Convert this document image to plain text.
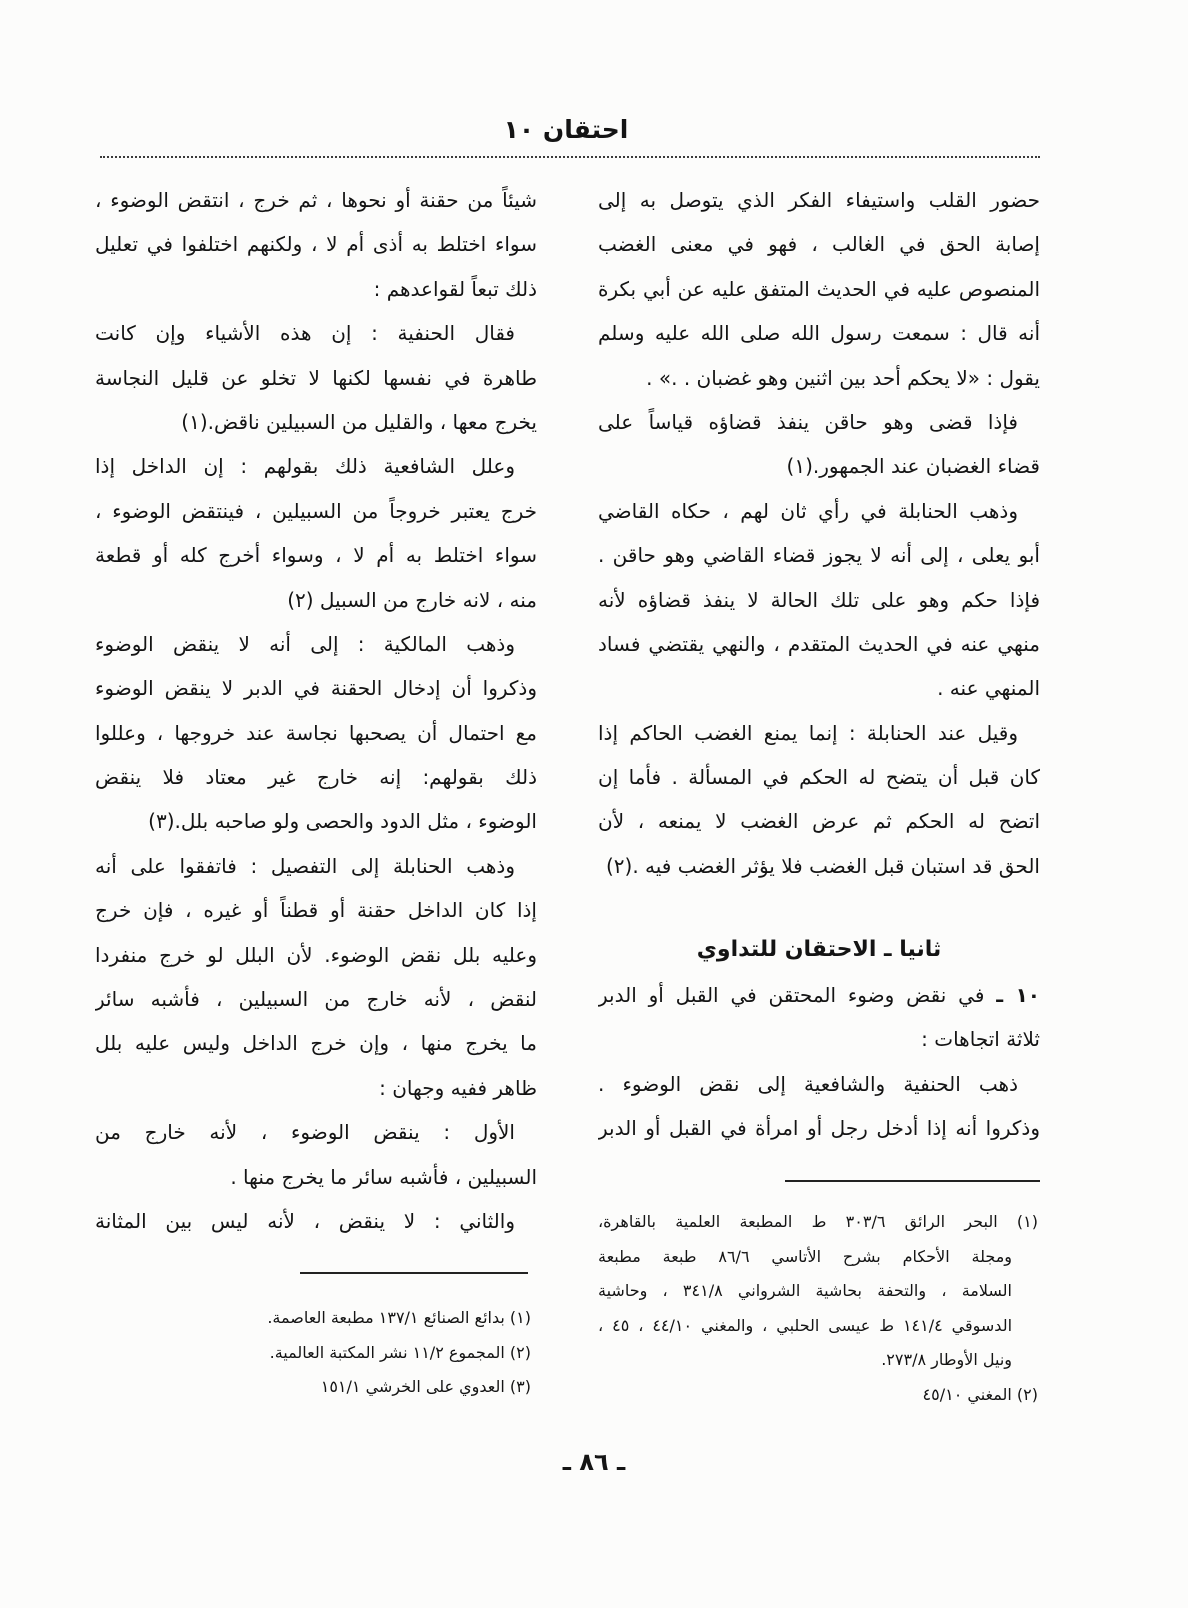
احتقان ١٠
حضور القلب واستيفاء الفكر الذي يتوصل به إلى
إصابة الحق في الغالب ، فهو في معنى الغضب
المنصوص عليه في الحديث المتفق عليه عن أبي بكرة
أنه قال : سمعت رسول الله صلى الله عليه وسلم
يقول : «لا يحكم أحد بين اثنين وهو غضبان . .» .
فإذا قضى وهو حاقن ينفذ قضاؤه قياساً على
قضاء الغضبان عند الجمهور.(١)
وذهب الحنابلة في رأي ثان لهم ، حكاه القاضي
أبو يعلى ، إلى أنه لا يجوز قضاء القاضي وهو حاقن .
فإذا حكم وهو على تلك الحالة لا ينفذ قضاؤه لأنه
منهي عنه في الحديث المتقدم ، والنهي يقتضي فساد
المنهي عنه .
وقيل عند الحنابلة : إنما يمنع الغضب الحاكم إذا
كان قبل أن يتضح له الحكم في المسألة . فأما إن
اتضح له الحكم ثم عرض الغضب لا يمنعه ، لأن
الحق قد استبان قبل الغضب فلا يؤثر الغضب فيه .(٢)
ثانيا ـ الاحتقان للتداوي
١٠ ـ في نقض وضوء المحتقن في القبل أو الدبر
ثلاثة اتجاهات :
ذهب الحنفية والشافعية إلى نقض الوضوء .
وذكروا أنه إذا أدخل رجل أو امرأة في القبل أو الدبر
(١) البحر الرائق ٣٠٣/٦ ط المطبعة العلمية بالقاهرة،
ومجلة الأحكام بشرح الأتاسي ٨٦/٦ طبعة مطبعة
السلامة ، والتحفة بحاشية الشرواني ٣٤١/٨ ، وحاشية
الدسوقي ١٤١/٤ ط عيسى الحلبي ، والمغني ٤٤/١٠ ، ٤٥ ،
ونيل الأوطار ٢٧٣/٨.
(٢) المغني ٤٥/١٠
شيئاً من حقنة أو نحوها ، ثم خرج ، انتقض الوضوء ،
سواء اختلط به أذى أم لا ، ولكنهم اختلفوا في تعليل
ذلك تبعاً لقواعدهم :
فقال الحنفية : إن هذه الأشياء وإن كانت
طاهرة في نفسها لكنها لا تخلو عن قليل النجاسة
يخرج معها ، والقليل من السبيلين ناقض.(١)
وعلل الشافعية ذلك بقولهم : إن الداخل إذا
خرج يعتبر خروجاً من السبيلين ، فينتقض الوضوء ،
سواء اختلط به أم لا ، وسواء أخرج كله أو قطعة
منه ، لانه خارج من السبيل (٢)
وذهب المالكية : إلى أنه لا ينقض الوضوء
وذكروا أن إدخال الحقنة في الدبر لا ينقض الوضوء
مع احتمال أن يصحبها نجاسة عند خروجها ، وعللوا
ذلك بقولهم: إنه خارج غير معتاد فلا ينقض
الوضوء ، مثل الدود والحصى ولو صاحبه بلل.(٣)
وذهب الحنابلة إلى التفصيل : فاتفقوا على أنه
إذا كان الداخل حقنة أو قطناً أو غيره ، فإن خرج
وعليه بلل نقض الوضوء. لأن البلل لو خرج منفردا
لنقض ، لأنه خارج من السبيلين ، فأشبه سائر
ما يخرج منها ، وإن خرج الداخل وليس عليه بلل
ظاهر ففيه وجهان :
الأول : ينقض الوضوء ، لأنه خارج من
السبيلين ، فأشبه سائر ما يخرج منها .
والثاني : لا ينقض ، لأنه ليس بين المثانة
(١) بدائع الصنائع ١٣٧/١ مطبعة العاصمة.
(٢) المجموع ١١/٢ نشر المكتبة العالمية.
(٣) العدوي على الخرشي ١٥١/١
ـ ٨٦ ـ
